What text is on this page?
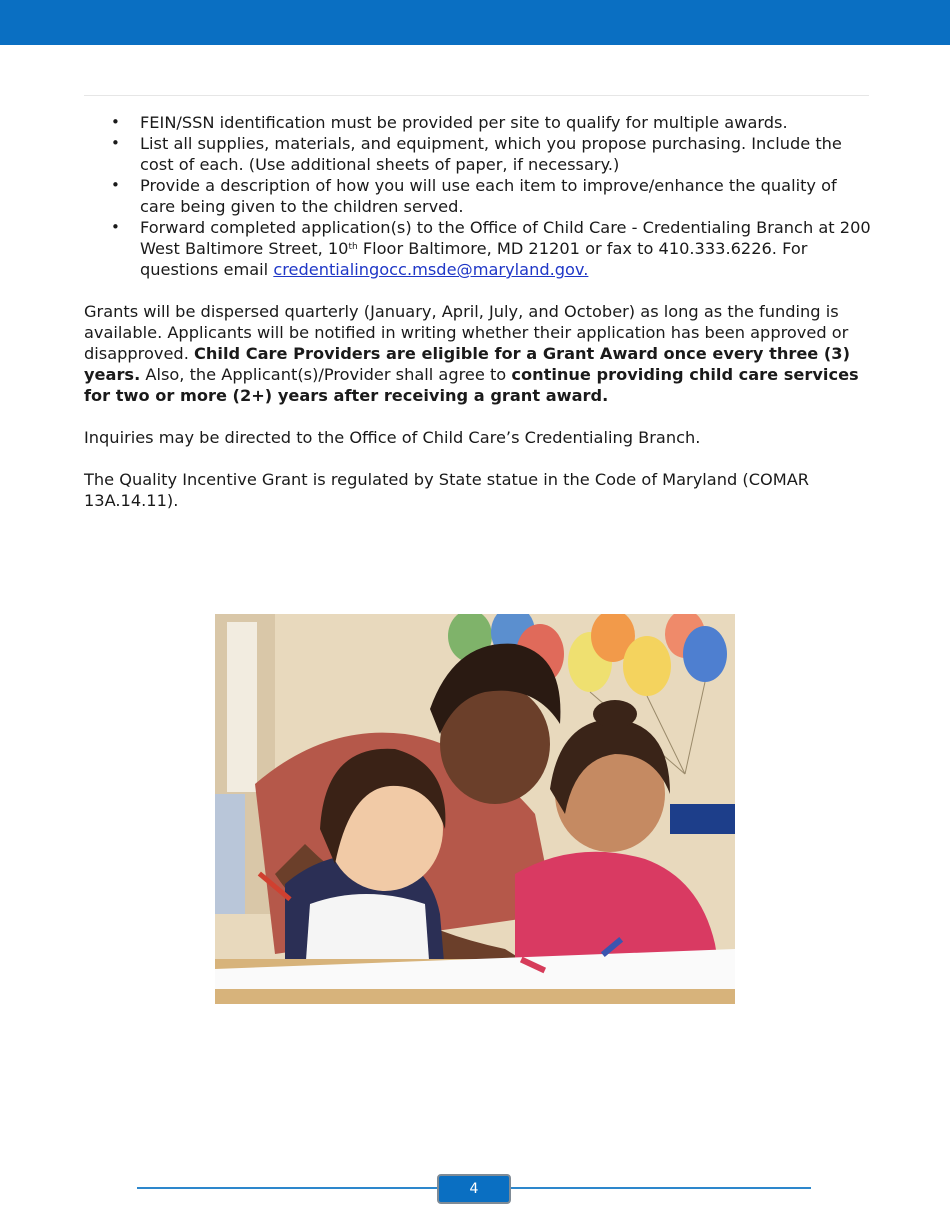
• FEIN/SSN identification must be provided per site to qualify for multiple awards.
• List all supplies, materials, and equipment, which you propose purchasing. Include the cost of each. (Use additional sheets of paper, if necessary.)
• Provide a description of how you will use each item to improve/enhance the quality of care being given to the children served.
• Forward completed application(s) to the Office of Child Care - Credentialing Branch at 200 West Baltimore Street, 10th Floor Baltimore, MD 21201 or fax to 410.333.6226. For questions email credentialingocc.msde@maryland.gov.

Grants will be dispersed quarterly (January, April, July, and October) as long as the funding is available. Applicants will be notified in writing whether their application has been approved or disapproved. Child Care Providers are eligible for a Grant Award once every three (3) years. Also, the Applicant(s)/Provider shall agree to continue providing child care services for two or more (2+) years after receiving a grant award.

Inquiries may be directed to the Office of Child Care’s Credentialing Branch.

The Quality Incentive Grant is regulated by State statue in the Code of Maryland (COMAR 13A.14.11).

4
